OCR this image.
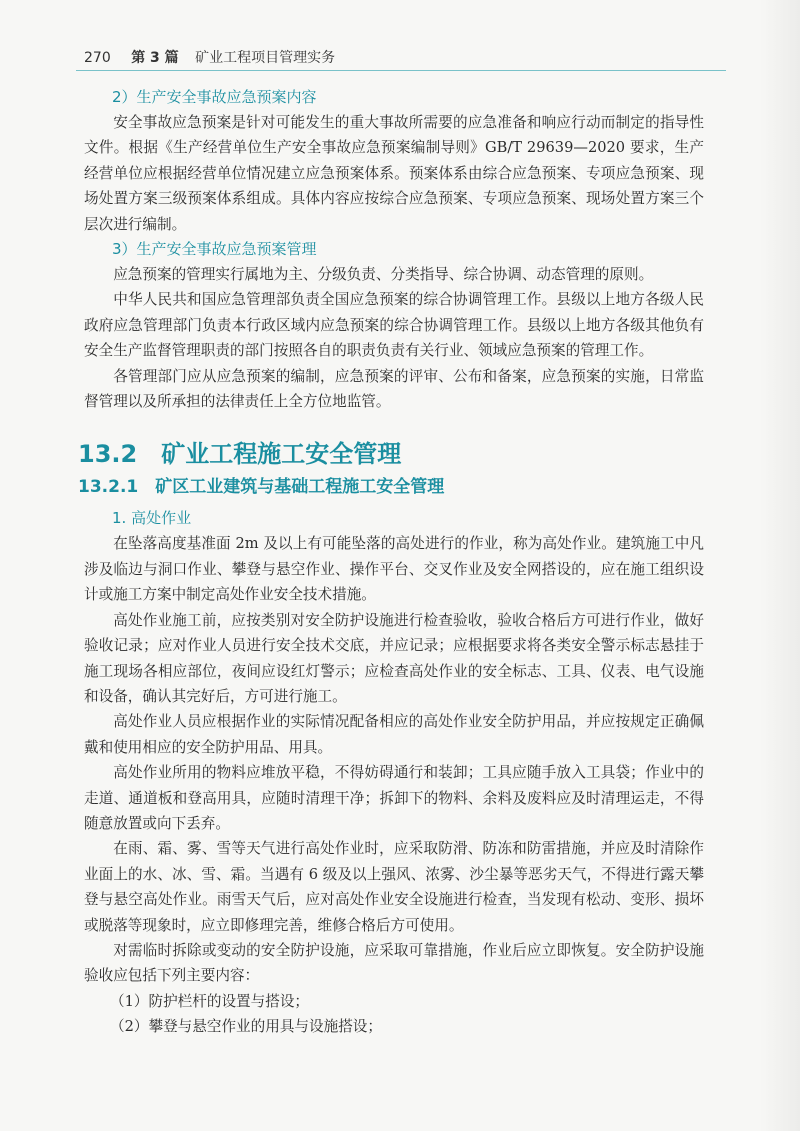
270 第 3 篇 矿业工程项目管理实务

2）生产安全事故应急预案内容

安全事故应急预案是针对可能发生的重大事故所需要的应急准备和响应行动而制定的指导性文件。根据《生产经营单位生产安全事故应急预案编制导则》GB/T 29639—2020 要求，生产经营单位应根据经营单位情况建立应急预案体系。预案体系由综合应急预案、专项应急预案、现场处置方案三级预案体系组成。具体内容应按综合应急预案、专项应急预案、现场处置方案三个层次进行编制。

3）生产安全事故应急预案管理

应急预案的管理实行属地为主、分级负责、分类指导、综合协调、动态管理的原则。

中华人民共和国应急管理部负责全国应急预案的综合协调管理工作。县级以上地方各级人民政府应急管理部门负责本行政区域内应急预案的综合协调管理工作。县级以上地方各级其他负有安全生产监督管理职责的部门按照各自的职责负责有关行业、领域应急预案的管理工作。

各管理部门应从应急预案的编制，应急预案的评审、公布和备案，应急预案的实施，日常监督管理以及所承担的法律责任上全方位地监管。

13.2　矿业工程施工安全管理
13.2.1　矿区工业建筑与基础工程施工安全管理

1. 高处作业

在坠落高度基准面 2m 及以上有可能坠落的高处进行的作业，称为高处作业。建筑施工中凡涉及临边与洞口作业、攀登与悬空作业、操作平台、交叉作业及安全网搭设的，应在施工组织设计或施工方案中制定高处作业安全技术措施。

高处作业施工前，应按类别对安全防护设施进行检查验收，验收合格后方可进行作业，做好验收记录；应对作业人员进行安全技术交底，并应记录；应根据要求将各类安全警示标志悬挂于施工现场各相应部位，夜间应设红灯警示；应检查高处作业的安全标志、工具、仪表、电气设施和设备，确认其完好后，方可进行施工。

高处作业人员应根据作业的实际情况配备相应的高处作业安全防护用品，并应按规定正确佩戴和使用相应的安全防护用品、用具。

高处作业所用的物料应堆放平稳，不得妨碍通行和装卸；工具应随手放入工具袋；作业中的走道、通道板和登高用具，应随时清理干净；拆卸下的物料、余料及废料应及时清理运走，不得随意放置或向下丢弃。

在雨、霜、雾、雪等天气进行高处作业时，应采取防滑、防冻和防雷措施，并应及时清除作业面上的水、冰、雪、霜。当遇有 6 级及以上强风、浓雾、沙尘暴等恶劣天气，不得进行露天攀登与悬空高处作业。雨雪天气后，应对高处作业安全设施进行检查，当发现有松动、变形、损坏或脱落等现象时，应立即修理完善，维修合格后方可使用。

对需临时拆除或变动的安全防护设施，应采取可靠措施，作业后应立即恢复。安全防护设施验收应包括下列主要内容：

（1）防护栏杆的设置与搭设；

（2）攀登与悬空作业的用具与设施搭设；
